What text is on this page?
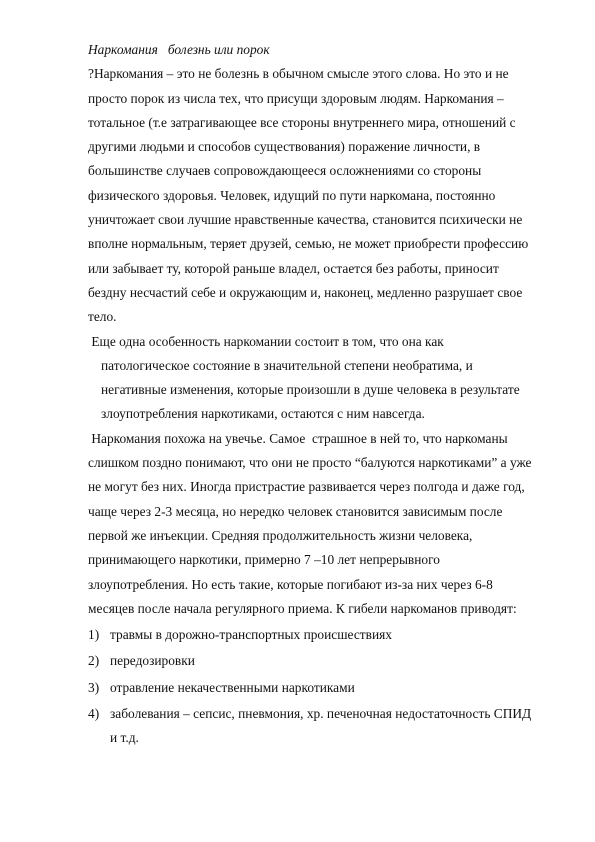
Наркомания   болезнь или порок

?Наркомания – это не болезнь в обычном смысле этого слова. Но это и не
просто порок из числа тех, что присущи здоровым людям. Наркомания –
тотальное (т.е затрагивающее все стороны внутреннего мира, отношений с
другими людьми и способов существования) поражение личности, в
большинстве случаев сопровождающееся осложнениями со стороны
физического здоровья. Человек, идущий по пути наркомана, постоянно
уничтожает свои лучшие нравственные качества, становится психически не
вполне нормальным, теряет друзей, семью, не может приобрести профессию
или забывает ту, которой раньше владел, остается без работы, приносит
бездну несчастий себе и окружающим и, наконец, медленно разрушает свое
тело.

Еще одна особенность наркомании состоит в том, что она как
патологическое состояние в значительной степени необратима, и
негативные изменения, которые произошли в душе человека в результате
злоупотребления наркотиками, остаются с ним навсегда.

Наркомания похожа на увечье. Самое  страшное в ней то, что наркоманы
слишком поздно понимают, что они не просто “балуются наркотиками” а уже
не могут без них. Иногда пристрастие развивается через полгода и даже год,
чаще через 2-3 месяца, но нередко человек становится зависимым после
первой же инъекции. Средняя продолжительность жизни человека,
принимающего наркотики, примерно 7 –10 лет непрерывного
злоупотребления. Но есть такие, которые погибают из-за них через 6-8
месяцев после начала регулярного приема. К гибели наркоманов приводят:

1) травмы в дорожно-транспортных происшествиях
2) передозировки
3) отравление некачественными наркотиками
4) заболевания – сепсис, пневмония, хр. печеночная недостаточность СПИД
и т.д.
